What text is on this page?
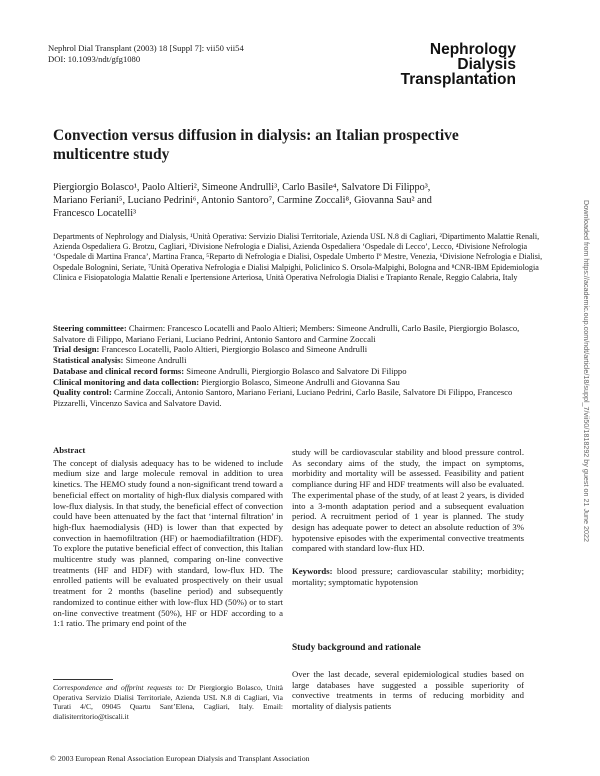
Nephrol Dial Transplant (2003) 18 [Suppl 7]: vii50 vii54
DOI: 10.1093/ndt/gfg1080
Nephrology
Dialysis
Transplantation
Convection versus diffusion in dialysis: an Italian prospective
multicentre study
Piergiorgio Bolasco¹, Paolo Altieri², Simeone Andrulli³, Carlo Basile⁴, Salvatore Di Filippo³,
Mariano Feriani⁵, Luciano Pedrini⁶, Antonio Santoro⁷, Carmine Zoccali⁸, Giovanna Sau² and
Francesco Locatelli³
Departments of Nephrology and Dialysis, ¹Unità Operativa: Servizio Dialisi Territoriale, Azienda USL N.8 di Cagliari, ²Dipartimento Malattie Renali, Azienda Ospedaliera G. Brotzu, Cagliari, ³Divisione Nefrologia e Dialisi, Azienda Ospedaliera ‘Ospedale di Lecco’, Lecco, ⁴Divisione Nefrologia ‘Ospedale di Martina Franca’, Martina Franca, ⁵Reparto di Nefrologia e Dialisi, Ospedale Umberto Iº Mestre, Venezia, ⁶Divisione Nefrologia e Dialisi, Ospedale Bolognini, Seriate, ⁷Unità Operativa Nefrologia e Dialisi Malpighi, Policlinico S. Orsola-Malpighi, Bologna and ⁸CNR-IBM Epidemiologia Clinica e Fisiopatologia Malattie Renali e Ipertensione Arteriosa, Unità Operativa Nefrologia Dialisi e Trapianto Renale, Reggio Calabria, Italy

Steering committee: Chairmen: Francesco Locatelli and Paolo Altieri; Members: Simeone Andrulli, Carlo Basile, Piergiorgio Bolasco, Salvatore di Filippo, Mariano Feriani, Luciano Pedrini, Antonio Santoro and Carmine Zoccali

Trial design: Francesco Locatelli, Paolo Altieri, Piergiorgio Bolasco and Simeone Andrulli

Statistical analysis: Simeone Andrulli

Database and clinical record forms: Simeone Andrulli, Piergiorgio Bolasco and Salvatore Di Filippo

Clinical monitoring and data collection: Piergiorgio Bolasco, Simeone Andrulli and Giovanna Sau

Quality control: Carmine Zoccali, Antonio Santoro, Mariano Feriani, Luciano Pedrini, Carlo Basile, Salvatore Di Filippo, Francesco Pizzarelli, Vincenzo Savica and Salvatore David.

Abstract

The concept of dialysis adequacy has to be widened to include medium size and large molecule removal in addition to urea kinetics. The HEMO study found a non-significant trend toward a beneficial effect on mortality of high-flux dialysis compared with low-flux dialysis. In that study, the beneficial effect of convection could have been attenuated by the fact that ‘internal filtration’ in high-flux haemodialysis (HD) is lower than that expected by convection in haemofiltration (HF) or haemodiafiltration (HDF). To explore the putative beneficial effect of convection, this Italian multicentre study was planned, comparing on-line convective treatments (HF and HDF) with standard, low-flux HD. The enrolled patients will be evaluated prospectively on their usual treatment for 2 months (baseline period) and subsequently randomized to continue either with low-flux HD (50%) or to start on-line convective treatment (50%), HF or HDF according to a 1:1 ratio. The primary end point of the

study will be cardiovascular stability and blood pressure control. As secondary aims of the study, the impact on symptoms, morbidity and mortality will be assessed. Feasibility and patient compliance during HF and HDF treatments will also be evaluated. The experimental phase of the study, of at least 2 years, is divided into a 3-month adaptation period and a subsequent evaluation period. A recruitment period of 1 year is planned. The study design has adequate power to detect an absolute reduction of 3% hypotensive episodes with the experimental convective treatments compared with standard low-flux HD.

Keywords: blood pressure; cardiovascular stability; morbidity; mortality; symptomatic hypotension

Study background and rationale
Over the last decade, several epidemiological studies based on large databases have suggested a possible superiority of convective treatments in terms of reducing morbidity and mortality of dialysis patients
Correspondence and offprint requests to: Dr Piergiorgio Bolasco, Unità Operativa Servizio Dialisi Territoriale, Azienda USL N.8 di Cagliari, Via Turati 4/C, 09045 Quartu Sant’Elena, Cagliari, Italy. Email: dialisiterritorio@tiscali.it
© 2003 European Renal Association European Dialysis and Transplant Association
Downloaded from https://academic.oup.com/ndt/article/18/suppl_7/vii50/1818292 by guest on 21 June 2022
